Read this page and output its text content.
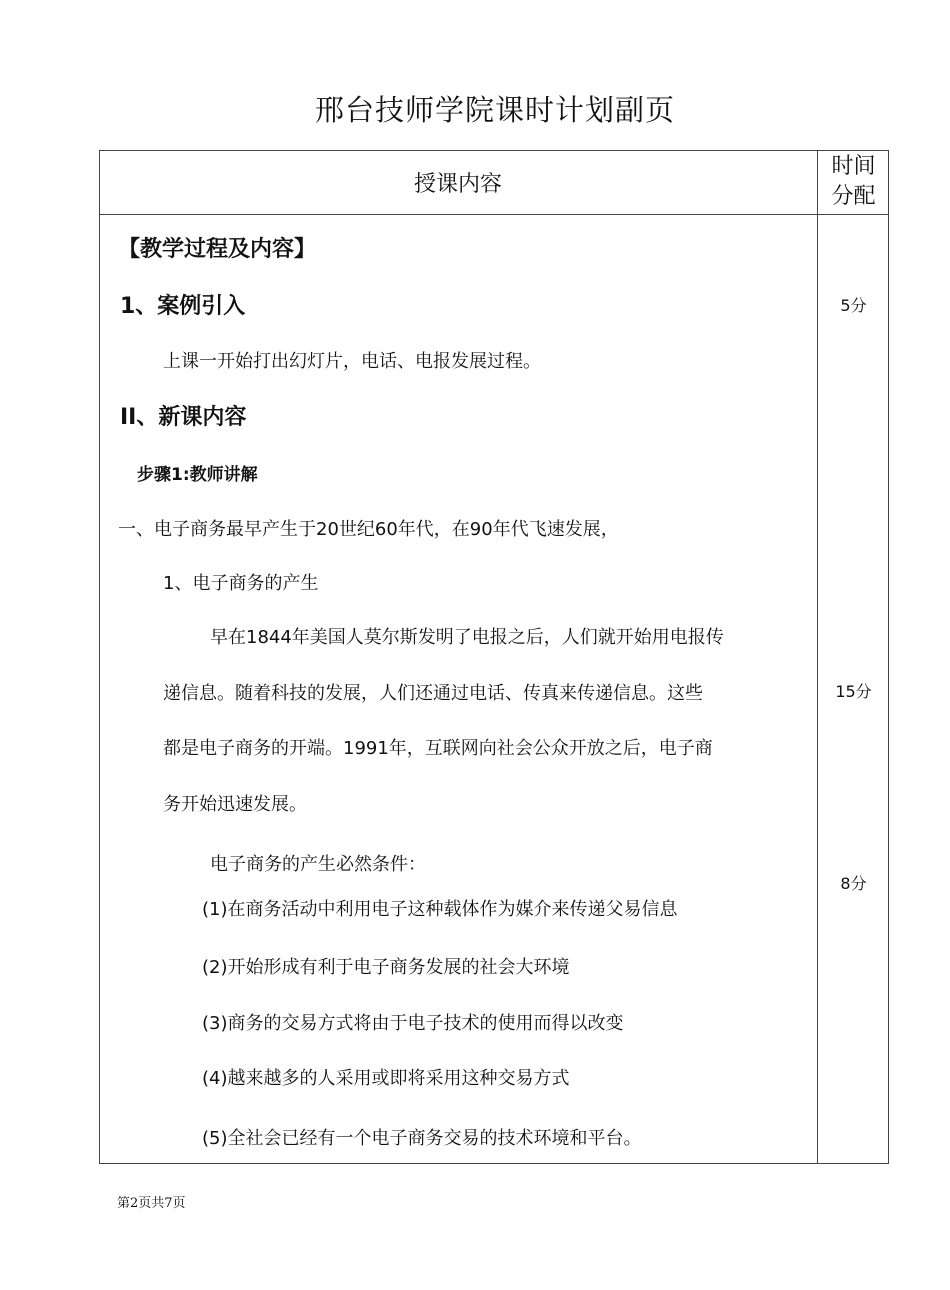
邢台技师学院课时计划副页
授课内容
时间
分配
【教学过程及内容】
1、案例引入
上课一开始打出幻灯片，电话、电报发展过程。
II、新课内容
步骤1:教师讲解
一、电子商务最早产生于20世纪60年代，在90年代飞速发展，
1、电子商务的产生
早在1844年美国人莫尔斯发明了电报之后，人们就开始用电报传
递信息。随着科技的发展，人们还通过电话、传真来传递信息。这些
都是电子商务的开端。1991年，互联网向社会公众开放之后，电子商
务开始迅速发展。
电子商务的产生必然条件：
(1)在商务活动中利用电子这种载体作为媒介来传递父易信息
(2)开始形成有利于电子商务发展的社会大环境
(3)商务的交易方式将由于电子技术的使用而得以改变
(4)越来越多的人采用或即将采用这种交易方式
(5)全社会已经有一个电子商务交易的技术环境和平台。
5分
15分
8分
第2页共7页
